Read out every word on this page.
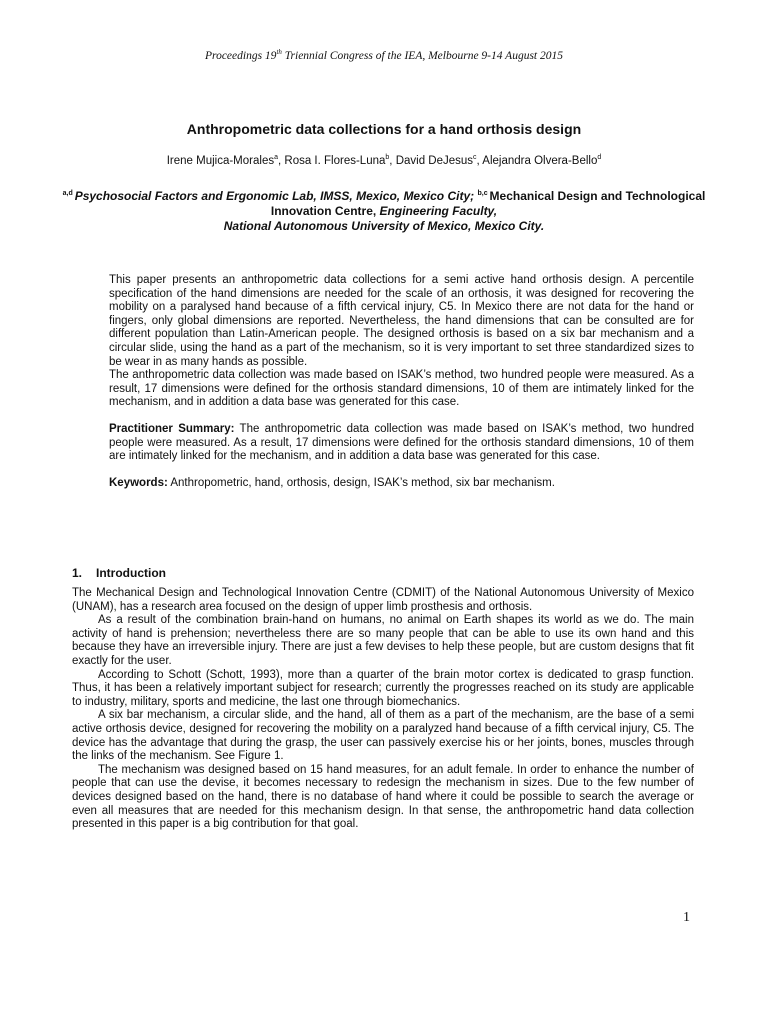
Proceedings 19th Triennial Congress of the IEA, Melbourne 9-14 August 2015
Anthropometric data collections for a hand orthosis design
Irene Mujica-Morales$^a$, Rosa I. Flores-Luna$^b$, David DeJesus$^c$, Alejandra Olvera-Bello$^d$
$^{a,d}$ Psychosocial Factors and Ergonomic Lab, IMSS, Mexico, Mexico City; $^{b,c}$ Mechanical Design and Technological Innovation Centre, Engineering Faculty,
National Autonomous University of Mexico, Mexico City.

This paper presents an anthropometric data collections for a semi active hand orthosis design. A percentile specification of the hand dimensions are needed for the scale of an orthosis, it was designed for recovering the mobility on a paralysed hand because of a fifth cervical injury, C5. In Mexico there are not data for the hand or fingers, only global dimensions are reported. Nevertheless, the hand dimensions that can be consulted are for different population than Latin-American people. The designed orthosis is based on a six bar mechanism and a circular slide, using the hand as a part of the mechanism, so it is very important to set three standardized sizes to be wear in as many hands as possible.

The anthropometric data collection was made based on ISAK’s method, two hundred people were measured. As a result, 17 dimensions were defined for the orthosis standard dimensions, 10 of them are intimately linked for the mechanism, and in addition a data base was generated for this case.

Practitioner Summary: The anthropometric data collection was made based on ISAK’s method, two hundred people were measured. As a result, 17 dimensions were defined for the orthosis standard dimensions, 10 of them are intimately linked for the mechanism, and in addition a data base was generated for this case.

Keywords: Anthropometric, hand, orthosis, design, ISAK’s method, six bar mechanism.

1. Introduction

The Mechanical Design and Technological Innovation Centre (CDMIT) of the National Autonomous University of Mexico (UNAM), has a research area focused on the design of upper limb prosthesis and orthosis.

As a result of the combination brain-hand on humans, no animal on Earth shapes its world as we do. The main activity of hand is prehension; nevertheless there are so many people that can be able to use its own hand and this because they have an irreversible injury. There are just a few devises to help these people, but are custom designs that fit exactly for the user.

According to Schott (Schott, 1993), more than a quarter of the brain motor cortex is dedicated to grasp function. Thus, it has been a relatively important subject for research; currently the progresses reached on its study are applicable to industry, military, sports and medicine, the last one through biomechanics.

A six bar mechanism, a circular slide, and the hand, all of them as a part of the mechanism, are the base of a semi active orthosis device, designed for recovering the mobility on a paralyzed hand because of a fifth cervical injury, C5. The device has the advantage that during the grasp, the user can passively exercise his or her joints, bones, muscles through the links of the mechanism. See Figure 1.

The mechanism was designed based on 15 hand measures, for an adult female. In order to enhance the number of people that can use the devise, it becomes necessary to redesign the mechanism in sizes. Due to the few number of devices designed based on the hand, there is no database of hand where it could be possible to search the average or even all measures that are needed for this mechanism design. In that sense, the anthropometric hand data collection presented in this paper is a big contribution for that goal.

1
